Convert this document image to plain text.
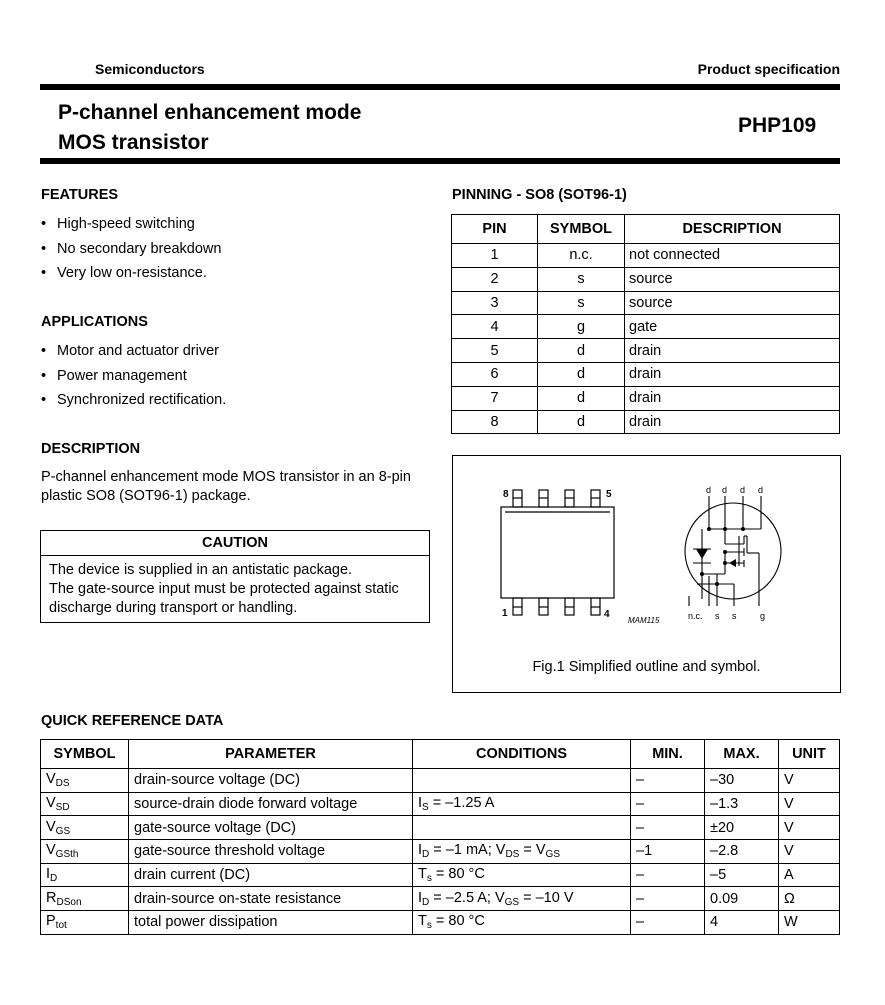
Semiconductors	Product specification
P-channel enhancement mode
MOS transistor
PHP109
FEATURES
• High-speed switching
• No secondary breakdown
• Very low on-resistance.
APPLICATIONS
• Motor and actuator driver
• Power management
• Synchronized rectification.
DESCRIPTION
P-channel enhancement mode MOS transistor in an 8-pin
plastic SO8 (SOT96-1) package.
CAUTION
The device is supplied in an antistatic package.
The gate-source input must be protected against static
discharge during transport or handling.
PINNING - SO8 (SOT96-1)
PIN	SYMBOL	DESCRIPTION
1	n.c.	not connected
2	s	source
3	s	source
4	g	gate
5	d	drain
6	d	drain
7	d	drain
8	d	drain
8	5
1	4
MAM115
d d d d
n.c. s s	g
Fig.1 Simplified outline and symbol.
QUICK REFERENCE DATA
SYMBOL	PARAMETER	CONDITIONS	MIN.	MAX.	UNIT
$V_{DS}$	drain-source voltage (DC)		–	–30	V
$V_{SD}$	source-drain diode forward voltage	$I_S = -1.25$ A	–	–1.3	V
$V_{GS}$	gate-source voltage (DC)		–	±20	V
$V_{GSth}$	gate-source threshold voltage	$I_D = -1$ mA; $V_{DS} = V_{GS}$	–1	–2.8	V
$I_D$	drain current (DC)	$T_s = 80$ °C	–	–5	A
$R_{DSon}$	drain-source on-state resistance	$I_D = -2.5$ A; $V_{GS} = -10$ V	–	0.09	Ω
$P_{tot}$	total power dissipation	$T_s = 80$ °C	–	4	W
